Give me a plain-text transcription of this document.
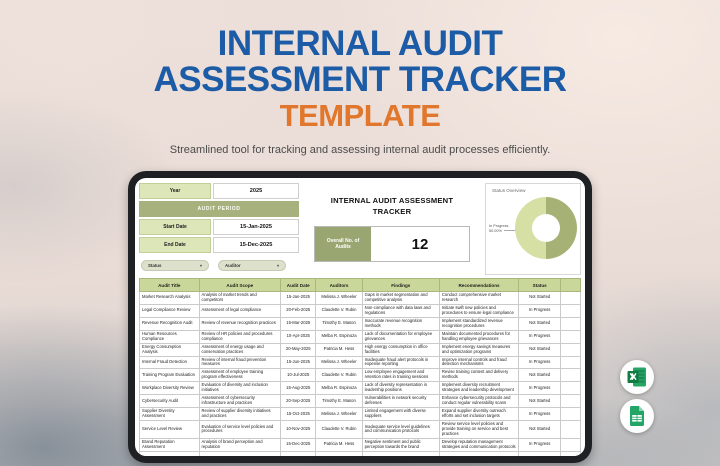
INTERNAL AUDIT
ASSESSMENT TRACKER
TEMPLATE
Streamlined tool for tracking and assessing internal audit processes efficiently.
Year	2025
AUDIT PERIOD
Start Date	15-Jan-2025
End Date	15-Dec-2025
Status	▾	Auditor	▾
INTERNAL AUDIT ASSESSMENT TRACKER
Overall No. of Audits	12
Status Overview
In Progress
50.00%
Audit Title	Audit Scope	Audit Date	Auditors	Findings	Recommendations	Status	
Market Research Analysis	Analysis of market trends and competitors	15-Jan-2025	Melissa J. Wheeler	Gaps in market segmentation and competitive analysis	Conduct comprehensive market research	Not Started	
Legal Compliance Review	Assessment of legal compliance	20-Feb-2025	Claudette V. Rubin	Non-compliance with data laws and regulations	Initiate swift new policies and procedures to ensure legal compliance	In Progress	
Revenue Recognition Audit	Review of revenue recognition practices	15-Mar-2025	Timothy E. Mason	Inaccurate revenue recognition methods	Implement standardized revenue recognition procedures	Not Started	
Human Resources Compliance	Review of HR policies and procedures compliance	10-Apr-2025	Melba R. Espinoza	Lack of documentation for employee grievances	Maintain documented procedures for handling employee grievances	In Progress	
Energy Consumption Analysis	Assessment of energy usage and conservation practices	20-May-2025	Patricia M. Hess	High energy consumption in office facilities	Implement energy savings measures and optimization programs	Not Started	
Internal Fraud Detection	Review of internal fraud prevention measures	15-Jun-2025	Melissa J. Wheeler	Inadequate fraud alert protocols in expense reporting	Improve internal controls and fraud detection mechanisms	In Progress	
Training Program Evaluation	Assessment of employee training program effectiveness	10-Jul-2025	Claudette V. Rubin	Low employee engagement and retention rates in training sessions	Revise training content and delivery methods	Not Started	
Workplace Diversity Review	Evaluation of diversity and inclusion initiatives	15-Aug-2025	Melba R. Espinoza	Lack of diversity representation in leadership positions	Implement diversity recruitment strategies and leadership development	In Progress	
Cybersecurity Audit	Assessment of cybersecurity infrastructure and practices	20-Sep-2025	Timothy E. Mason	Vulnerabilities in network security defenses	Enhance cybersecurity protocols and conduct regular vulnerability scans	Not Started	
Supplier Diversity Assessment	Review of supplier diversity initiatives and practices	15-Oct-2025	Melissa J. Wheeler	Limited engagement with diverse suppliers	Expand supplier diversity outreach efforts and set inclusion targets	In Progress	
Service Level Review	Evaluation of service level policies and procedures	10-Nov-2025	Claudette V. Rubin	Inadequate service level guidelines and communication protocols	Review service level policies and provide training on service and best practices	Not Started	
Brand Reputation Assessment	Analysis of brand perception and reputation	15-Dec-2025	Patricia M. Hess	Negative sentiment and public perception towards the brand	Develop reputation management strategies and communication protocols	In Progress	
